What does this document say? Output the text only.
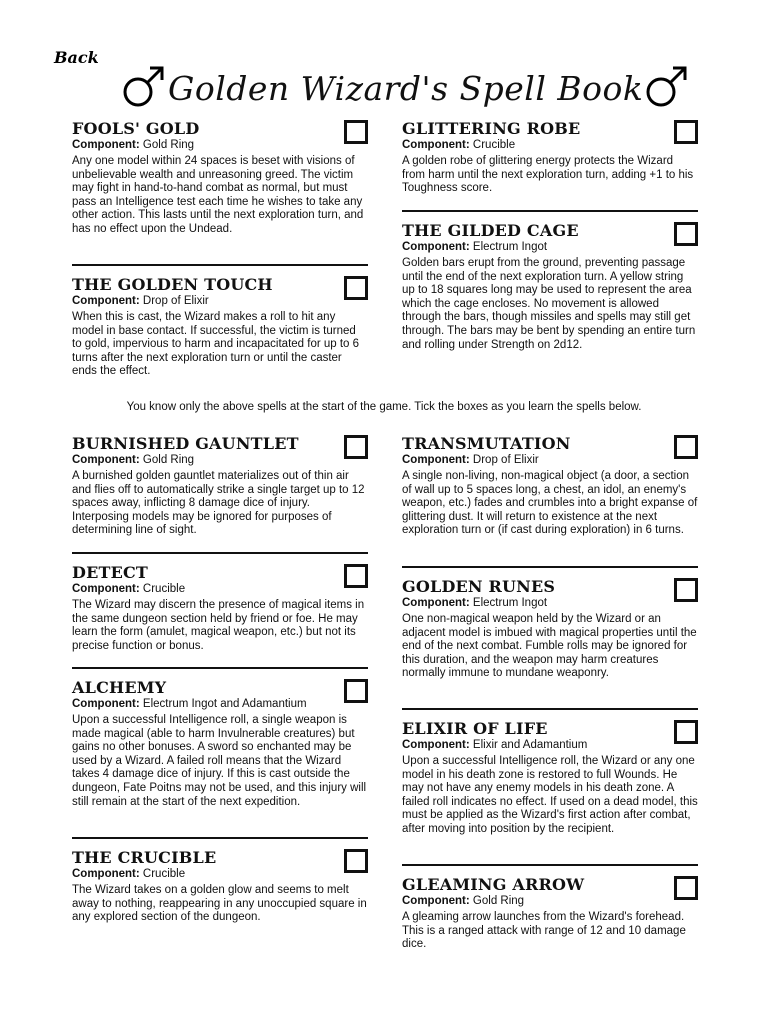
Back
Golden Wizard's Spell Book
FOOLS' GOLD
Component: Gold Ring
Any one model within 24 spaces is beset with visions of unbelievable wealth and unreasoning greed. The victim may fight in hand-to-hand combat as normal, but must pass an Intelligence test each time he wishes to take any other action. This lasts until the next exploration turn, and has no effect upon the Undead.
THE GOLDEN TOUCH
Component: Drop of Elixir
When this is cast, the Wizard makes a roll to hit any model in base contact. If successful, the victim is turned to gold, impervious to harm and incapacitated for up to 6 turns after the next exploration turn or until the caster ends the effect.
BURNISHED GAUNTLET
Component: Gold Ring
A burnished golden gauntlet materializes out of thin air and flies off to automatically strike a single target up to 12 spaces away, inflicting 8 damage dice of injury. Interposing models may be ignored for purposes of determining line of sight.
DETECT
Component: Crucible
The Wizard may discern the presence of magical items in the same dungeon section held by friend or foe. He may learn the form (amulet, magical weapon, etc.) but not its precise function or bonus.
ALCHEMY
Component: Electrum Ingot and Adamantium
Upon a successful Intelligence roll, a single weapon is made magical (able to harm Invulnerable creatures) but gains no other bonuses. A sword so enchanted may be used by a Wizard. A failed roll means that the Wizard takes 4 damage dice of injury. If this is cast outside the dungeon, Fate Poitns may not be used, and this injury will still remain at the start of the next expedition.
THE CRUCIBLE
Component: Crucible
The Wizard takes on a golden glow and seems to melt away to nothing, reappearing in any unoccupied square in any explored section of the dungeon.
GLITTERING ROBE
Component: Crucible
A golden robe of glittering energy protects the Wizard from harm until the next exploration turn, adding +1 to his Toughness score.
THE GILDED CAGE
Component: Electrum Ingot
Golden bars erupt from the ground, preventing passage until the end of the next exploration turn. A yellow string up to 18 squares long may be used to represent the area which the cage encloses. No movement is allowed through the bars, though missiles and spells may still get through. The bars may be bent by spending an entire turn and rolling under Strength on 2d12.
TRANSMUTATION
Component: Drop of Elixir
A single non-living, non-magical object (a door, a section of wall up to 5 spaces long, a chest, an idol, an enemy's weapon, etc.) fades and crumbles into a bright expanse of glittering dust. It will return to existence at the next exploration turn or (if cast during exploration) in 6 turns.
GOLDEN RUNES
Component: Electrum Ingot
One non-magical weapon held by the Wizard or an adjacent model is imbued with magical properties until the end of the next combat. Fumble rolls may be ignored for this duration, and the weapon may harm creatures normally immune to mundane weaponry.
ELIXIR OF LIFE
Component: Elixir and Adamantium
Upon a successful Intelligence roll, the Wizard or any one model in his death zone is restored to full Wounds. He may not have any enemy models in his death zone. A failed roll indicates no effect. If used on a dead model, this must be applied as the Wizard's first action after combat, after moving into position by the recipient.
GLEAMING ARROW
Component: Gold Ring
A gleaming arrow launches from the Wizard's forehead. This is a ranged attack with range of 12 and 10 damage dice.
You know only the above spells at the start of the game. Tick the boxes as you learn the spells below.
